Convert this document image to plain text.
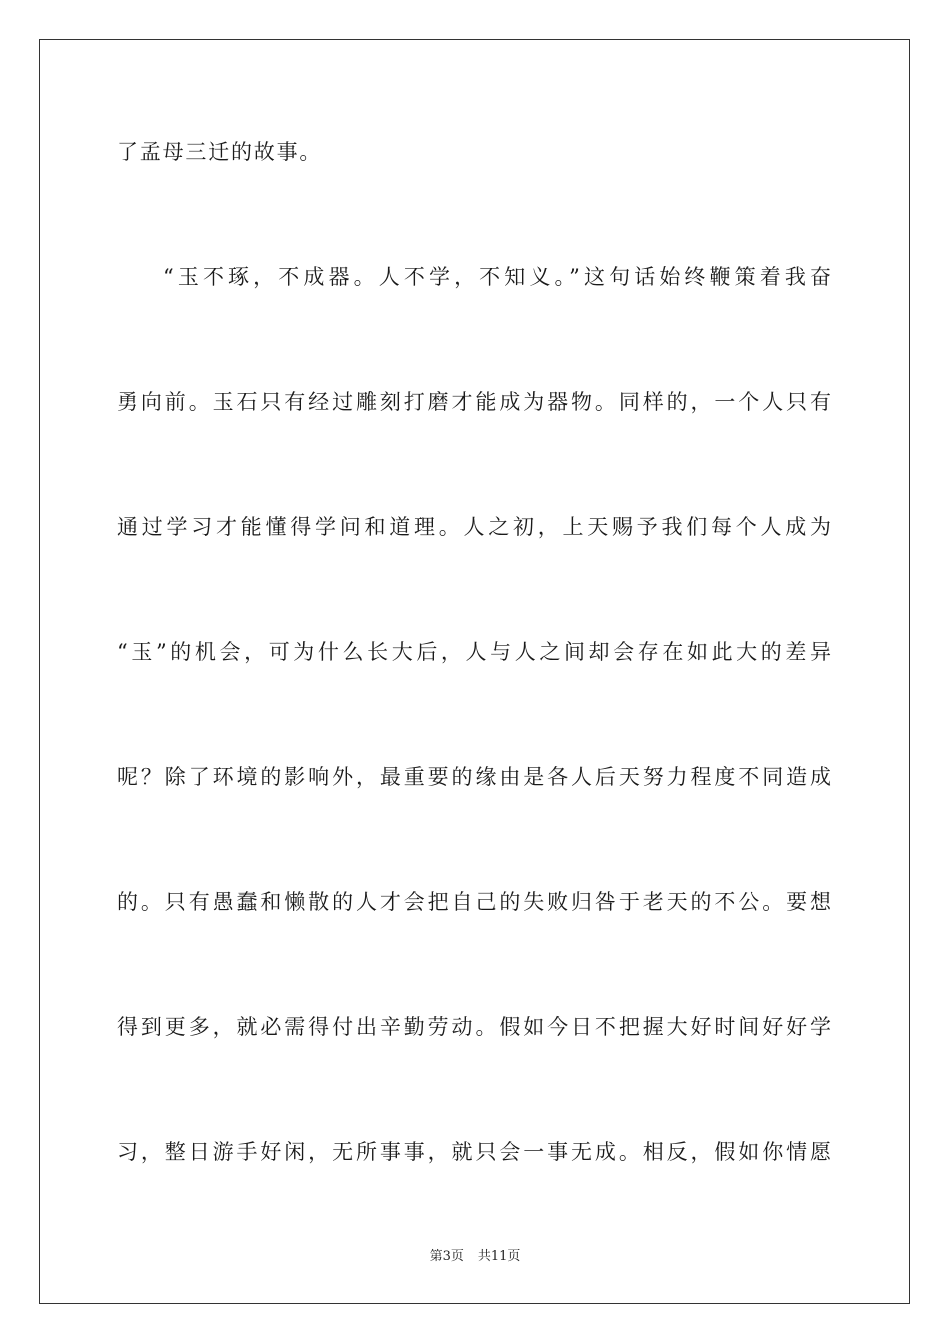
了孟母三迁的故事。
“玉不琢，不成器。人不学，不知义。”这句话始终鞭策着我奋
勇向前。玉石只有经过雕刻打磨才能成为器物。同样的，一个人只有
通过学习才能懂得学问和道理。人之初，上天赐予我们每个人成为
“玉”的机会，可为什么长大后，人与人之间却会存在如此大的差异
呢？除了环境的影响外，最重要的缘由是各人后天努力程度不同造成
的。只有愚蠢和懒散的人才会把自己的失败归咎于老天的不公。要想
得到更多，就必需得付出辛勤劳动。假如今日不把握大好时间好好学
习，整日游手好闲，无所事事，就只会一事无成。相反，假如你情愿
第3页 共11页
